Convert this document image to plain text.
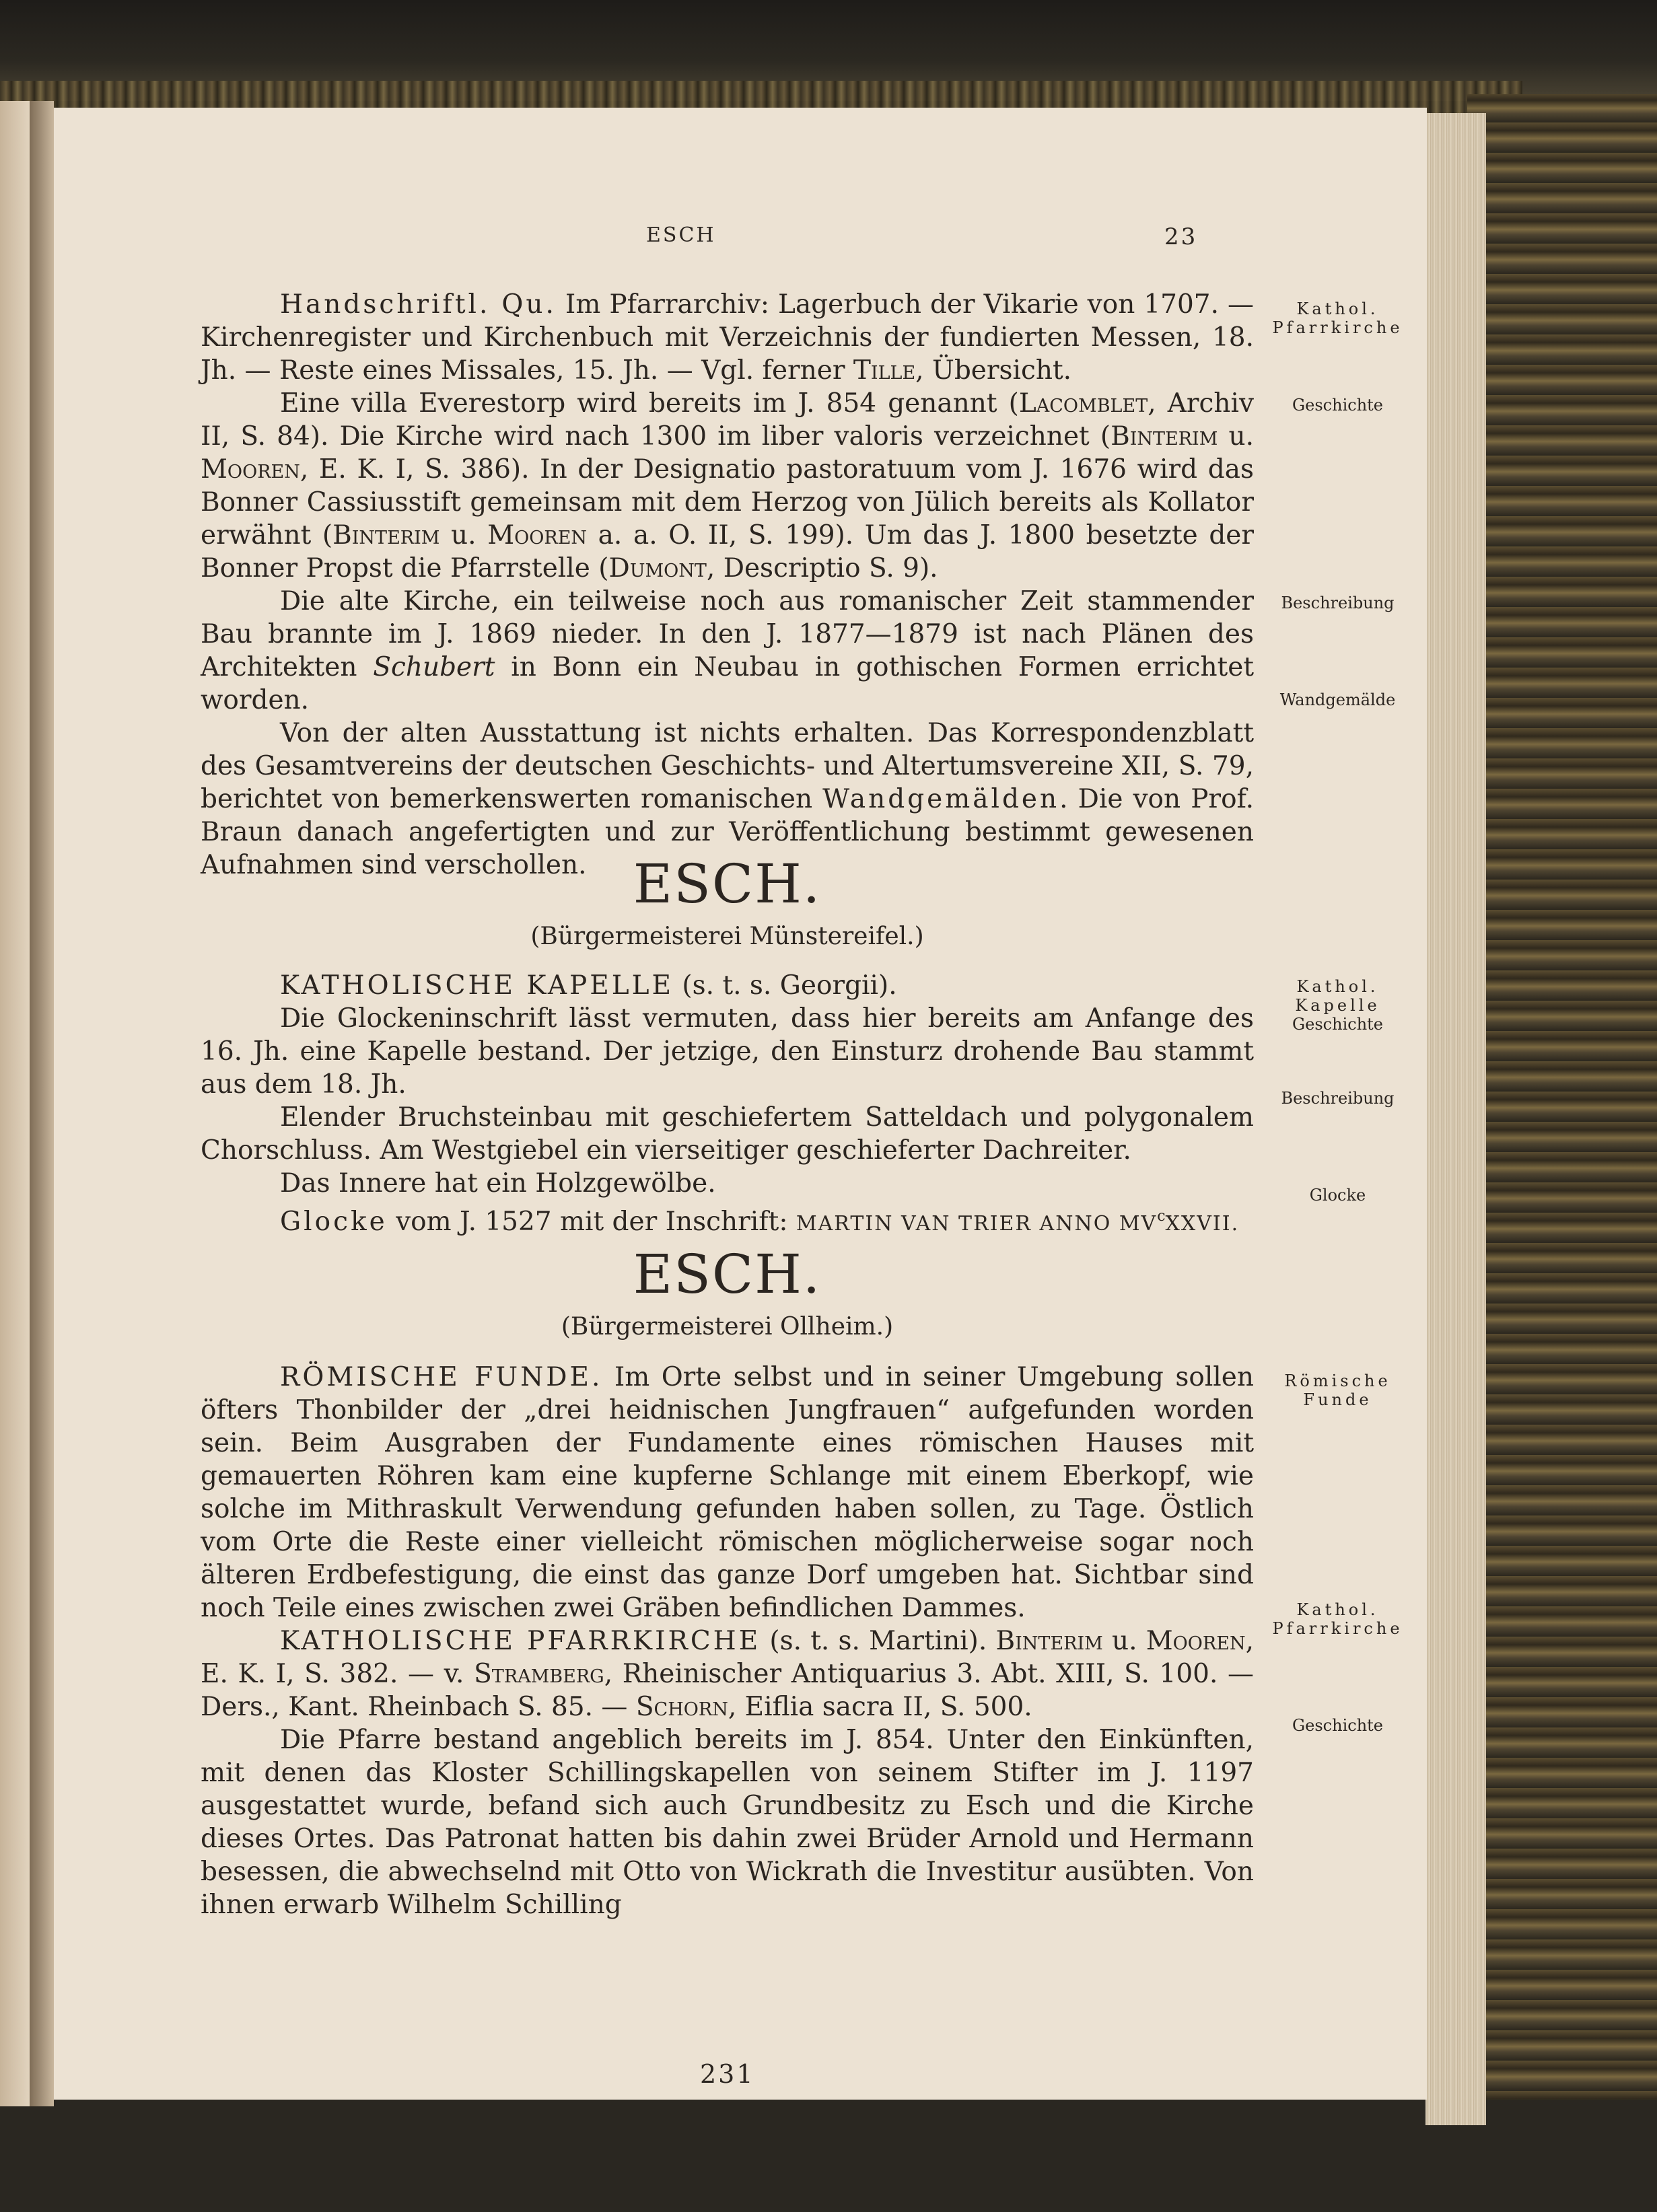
ESCH	23

Handschriftl. Qu. Im Pfarrarchiv: Lagerbuch der Vikarie von 1707. — Kirchenregister und Kirchenbuch mit Verzeichnis der fundierten Messen, 18. Jh. — Reste eines Missales, 15. Jh. — Vgl. ferner Tille, Übersicht.

Eine villa Everestorp wird bereits im J. 854 genannt (Lacomblet, Archiv II, S. 84). Die Kirche wird nach 1300 im liber valoris verzeichnet (Binterim u. Mooren, E. K. I, S. 386). In der Designatio pastoratuum vom J. 1676 wird das Bonner Cassiusstift gemeinsam mit dem Herzog von Jülich bereits als Kollator erwähnt (Binterim u. Mooren a. a. O. II, S. 199). Um das J. 1800 besetzte der Bonner Propst die Pfarrstelle (Dumont, Descriptio S. 9).

Die alte Kirche, ein teilweise noch aus romanischer Zeit stammender Bau brannte im J. 1869 nieder. In den J. 1877—1879 ist nach Plänen des Architekten Schubert in Bonn ein Neubau in gothischen Formen errichtet worden.

Von der alten Ausstattung ist nichts erhalten. Das Korrespondenzblatt des Gesamtvereins der deutschen Geschichts- und Altertumsvereine XII, S. 79, berichtet von bemerkenswerten romanischen Wandgemälden. Die von Prof. Braun danach angefertigten und zur Veröffentlichung bestimmt gewesenen Aufnahmen sind verschollen.

Kathol.
Pfarrkirche
Geschichte
Beschreibung
Wandgemälde
ESCH.
(Bürgermeisterei Münstereifel.)

KATHOLISCHE KAPELLE (s. t. s. Georgii).

Die Glockeninschrift lässt vermuten, dass hier bereits am Anfange des 16. Jh. eine Kapelle bestand. Der jetzige, den Einsturz drohende Bau stammt aus dem 18. Jh.

Elender Bruchsteinbau mit geschiefertem Satteldach und polygonalem Chorschluss. Am Westgiebel ein vierseitiger geschieferter Dachreiter.

Das Innere hat ein Holzgewölbe.

Glocke vom J. 1527 mit der Inschrift: MARTIN VAN TRIER ANNO $MV^cXXVII$.

Kathol.
Kapelle
Geschichte
Beschreibung
Glocke
ESCH.
(Bürgermeisterei Ollheim.)

RÖMISCHE FUNDE. Im Orte selbst und in seiner Umgebung sollen öfters Thonbilder der „drei heidnischen Jungfrauen“ aufgefunden worden sein. Beim Ausgraben der Fundamente eines römischen Hauses mit gemauerten Röhren kam eine kupferne Schlange mit einem Eberkopf, wie solche im Mithraskult Verwendung gefunden haben sollen, zu Tage. Östlich vom Orte die Reste einer vielleicht römischen möglicherweise sogar noch älteren Erdbefestigung, die einst das ganze Dorf umgeben hat. Sichtbar sind noch Teile eines zwischen zwei Gräben befindlichen Dammes.

KATHOLISCHE PFARRKIRCHE (s. t. s. Martini). Binterim u. Mooren, E. K. I, S. 382. — v. Stramberg, Rheinischer Antiquarius 3. Abt. XIII, S. 100. — Ders., Kant. Rheinbach S. 85. — Schorn, Eiflia sacra II, S. 500.

Die Pfarre bestand angeblich bereits im J. 854. Unter den Einkünften, mit denen das Kloster Schillingskapellen von seinem Stifter im J. 1197 ausgestattet wurde, befand sich auch Grundbesitz zu Esch und die Kirche dieses Ortes. Das Patronat hatten bis dahin zwei Brüder Arnold und Hermann besessen, die abwechselnd mit Otto von Wickrath die Investitur ausübten. Von ihnen erwarb Wilhelm Schilling

Römische
Funde
Kathol.
Pfarrkirche
Geschichte
231
